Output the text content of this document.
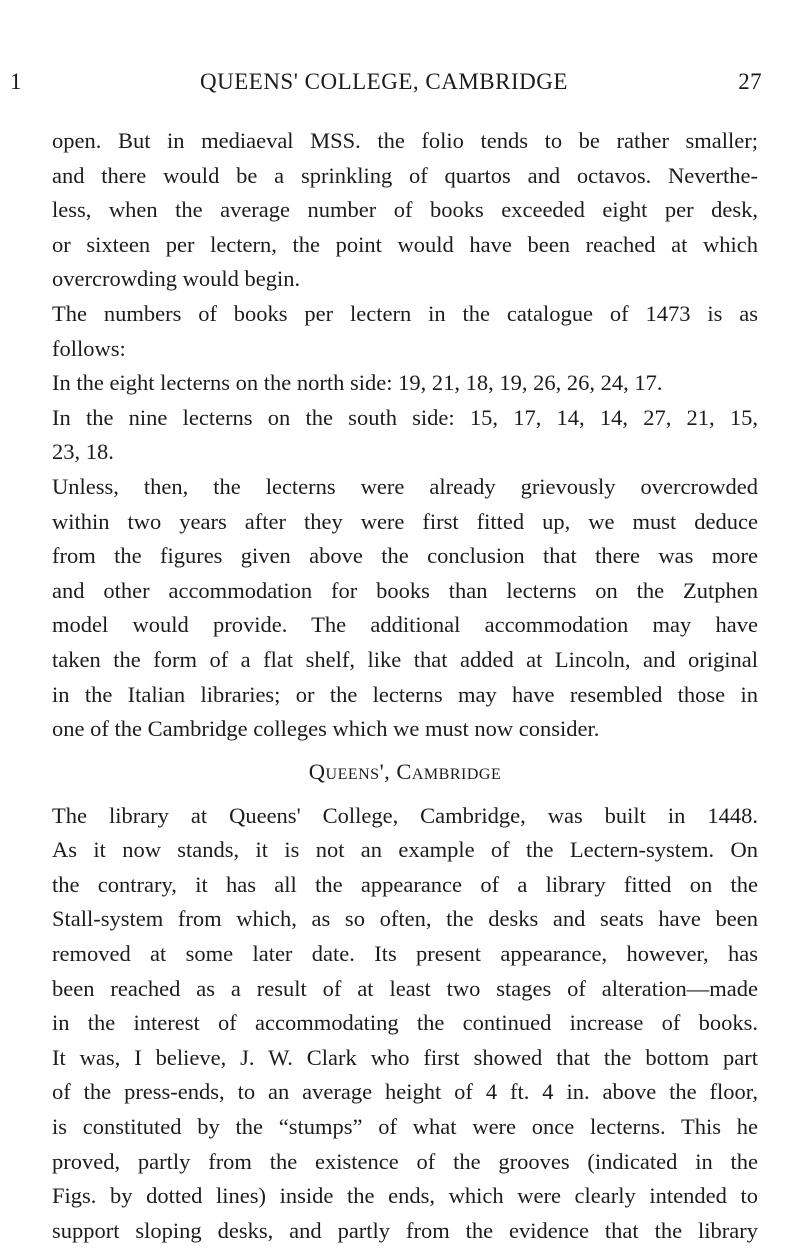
1	QUEENS' COLLEGE, CAMBRIDGE	27
open. But in mediaeval MSS. the folio tends to be rather smaller;
and there would be a sprinkling of quartos and octavos. Neverthe-
less, when the average number of books exceeded eight per desk,
or sixteen per lectern, the point would have been reached at which
overcrowding would begin.
The numbers of books per lectern in the catalogue of 1473 is as
follows:
In the eight lecterns on the north side: 19, 21, 18, 19, 26, 26, 24, 17.
In the nine lecterns on the south side: 15, 17, 14, 14, 27, 21, 15,
23, 18.
Unless, then, the lecterns were already grievously overcrowded
within two years after they were first fitted up, we must deduce
from the figures given above the conclusion that there was more
and other accommodation for books than lecterns on the Zutphen
model would provide. The additional accommodation may have
taken the form of a flat shelf, like that added at Lincoln, and original
in the Italian libraries; or the lecterns may have resembled those in
one of the Cambridge colleges which we must now consider.
Queens', Cambridge
The library at Queens' College, Cambridge, was built in 1448.
As it now stands, it is not an example of the Lectern-system. On
the contrary, it has all the appearance of a library fitted on the
Stall-system from which, as so often, the desks and seats have been
removed at some later date. Its present appearance, however, has
been reached as a result of at least two stages of alteration—made
in the interest of accommodating the continued increase of books.
It was, I believe, J. W. Clark who first showed that the bottom part
of the press-ends, to an average height of 4 ft. 4 in. above the floor,
is constituted by the “stumps” of what were once lecterns. This he
proved, partly from the existence of the grooves (indicated in the
Figs. by dotted lines) inside the ends, which were clearly intended to
support sloping desks, and partly from the evidence that the library
